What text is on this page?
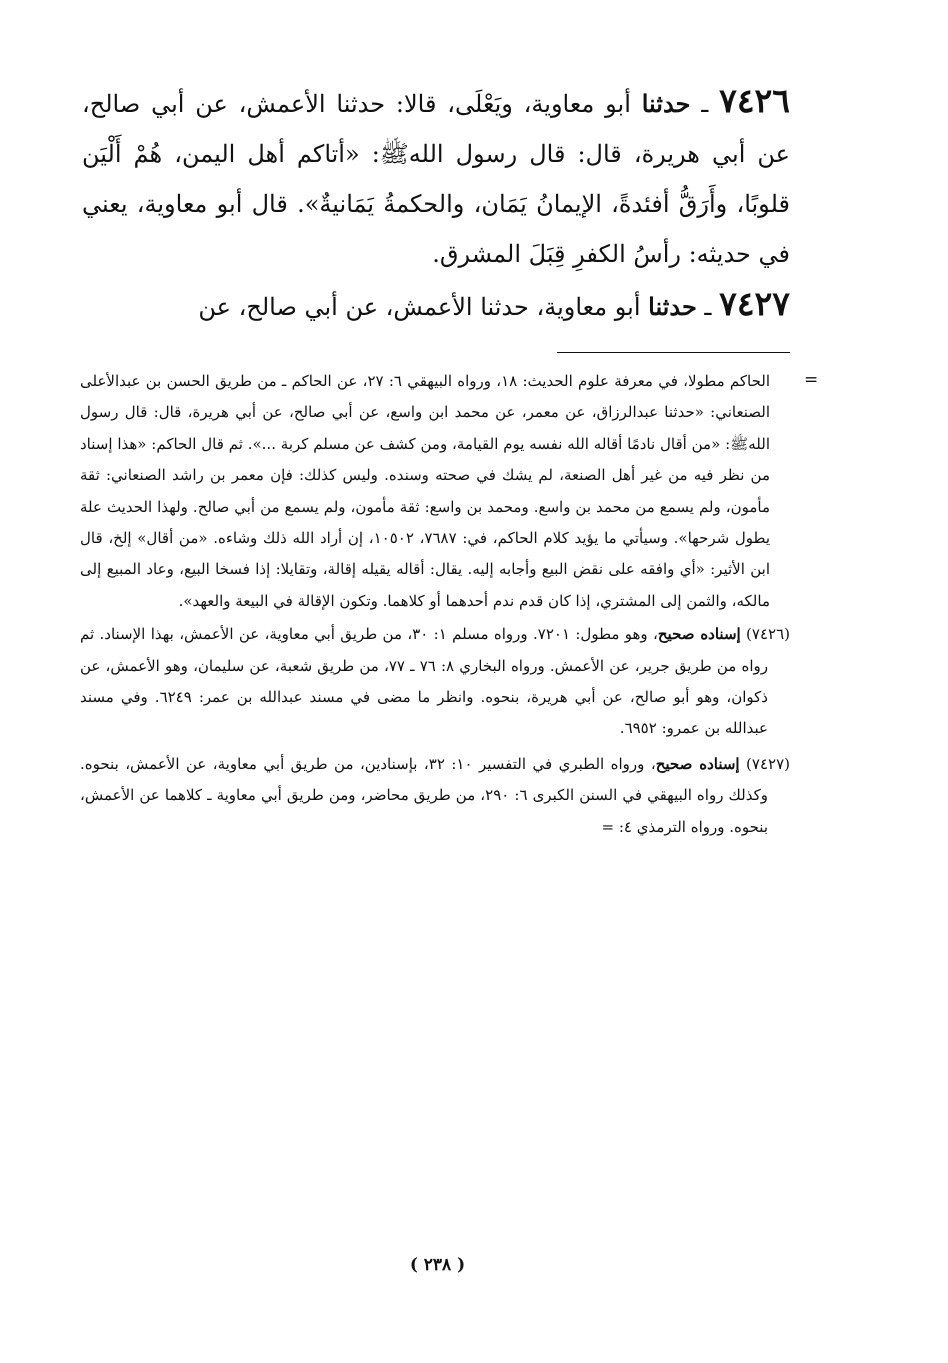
٧٤٢٦ ـ حدثنا أبو معاوية، ويَعْلَى، قالا: حدثنا الأعمش، عن أبي صالح، عن أبي هريرة، قال: قال رسول اللهﷺ: «أتاكم أهل اليمن، هُمْ أَلْيَن قلوبًا، وأَرَقُّ أفئدةً، الإيمانُ يَمَان، والحكمةُ يَمَانيةٌ». قال أبو معاوية، يعني في حديثه: رأسُ الكفرِ قِبَلَ المشرق.

٧٤٢٧ ـ حدثنا أبو معاوية، حدثنا الأعمش، عن أبي صالح، عن

=

الحاكم مطولا، في معرفة علوم الحديث: ١٨، ورواه البيهقي ٦: ٢٧، عن الحاكم ـ من طريق الحسن بن عبدالأعلى الصنعاني: «حدثنا عبدالرزاق، عن معمر، عن محمد ابن واسع، عن أبي صالح، عن أبي هريرة، قال: قال رسول اللهﷺ: «من أقال نادمًا أقاله الله نفسه يوم القيامة، ومن كشف عن مسلم كربة ...». ثم قال الحاكم: «هذا إسناد من نظر فيه من غير أهل الصنعة، لم يشك في صحته وسنده. وليس كذلك: فإن معمر بن راشد الصنعاني: ثقة مأمون، ولم يسمع من محمد بن واسع. ومحمد بن واسع: ثقة مأمون، ولم يسمع من أبي صالح. ولهذا الحديث علة يطول شرحها». وسيأتي ما يؤيد كلام الحاكم، في: ٧٦٨٧، ١٠٥٠٢، إن أراد الله ذلك وشاءه. «من أقال» إلخ، قال ابن الأثير: «أي وافقه على نقض البيع وأجابه إليه. يقال: أقاله يقيله إقالة، وتقايلا: إذا فسخا البيع، وعاد المبيع إلى مالكه، والثمن إلى المشتري، إذا كان قدم ندم أحدهما أو كلاهما. وتكون الإقالة في البيعة والعهد».

(٧٤٢٦) إسناده صحيح، وهو مطول: ٧٢٠١. ورواه مسلم ١: ٣٠، من طريق أبي معاوية، عن الأعمش، بهذا الإسناد. ثم رواه من طريق جرير، عن الأعمش. ورواه البخاري ٨: ٧٦ ـ ٧٧، من طريق شعبة، عن سليمان، وهو الأعمش، عن ذكوان، وهو أبو صالح، عن أبي هريرة، بنحوه. وانظر ما مضى في مسند عبدالله بن عمر: ٦٢٤٩. وفي مسند عبدالله بن عمرو: ٦٩٥٢.

(٧٤٢٧) إسناده صحيح، ورواه الطبري في التفسير ١٠: ٣٢، بإسنادين، من طريق أبي معاوية، عن الأعمش، بنحوه. وكذلك رواه البيهقي في السنن الكبرى ٦: ٢٩٠، من طريق محاضر، ومن طريق أبي معاوية ـ كلاهما عن الأعمش، بنحوه. ورواه الترمذي ٤: =

( ٢٣٨ )
